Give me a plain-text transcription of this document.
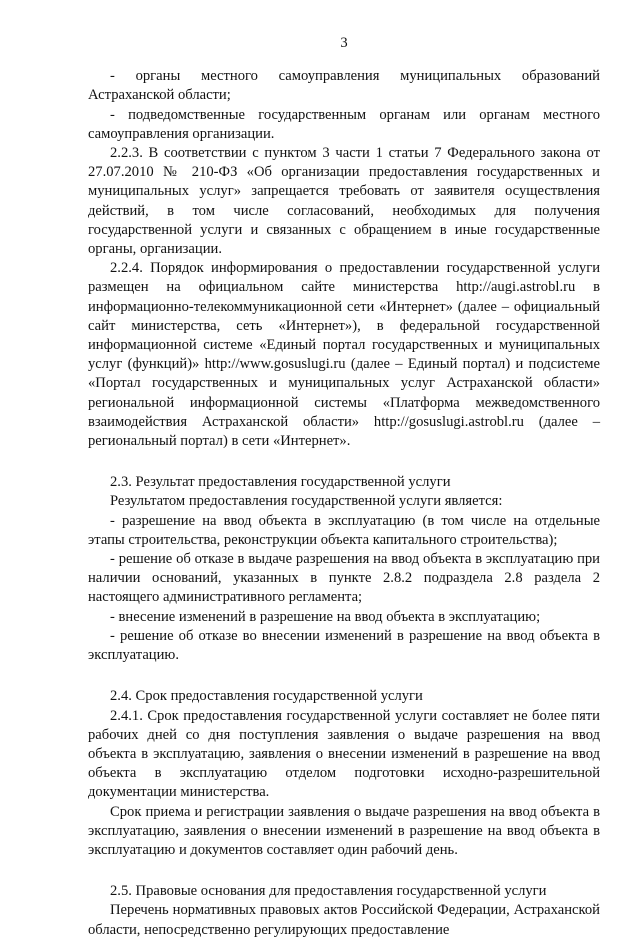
3

- органы местного самоуправления муниципальных образований Астраханской области;

- подведомственные государственным органам или органам местного самоуправления организации.

2.2.3. В соответствии с пунктом 3 части 1 статьи 7 Федерального закона от 27.07.2010 № 210-ФЗ «Об организации предоставления государственных и муниципальных услуг» запрещается требовать от заявителя осуществления действий, в том числе согласований, необходимых для получения государственной услуги и связанных с обращением в иные государственные органы, организации.

2.2.4. Порядок информирования о предоставлении государственной услуги размещен на официальном сайте министерства http://augi.astrobl.ru в информационно-телекоммуникационной сети «Интернет» (далее – официальный сайт министерства, сеть «Интернет»), в федеральной государственной информационной системе «Единый портал государственных и муниципальных услуг (функций)» http://www.gosuslugi.ru (далее – Единый портал) и подсистеме «Портал государственных и муниципальных услуг Астраханской области» региональной информационной системы «Платформа межведомственного взаимодействия Астраханской области» http://gosuslugi.astrobl.ru (далее – региональный портал) в сети «Интернет».

2.3. Результат предоставления государственной услуги

Результатом предоставления государственной услуги является:

- разрешение на ввод объекта в эксплуатацию (в том числе на отдельные этапы строительства, реконструкции объекта капитального строительства);

- решение об отказе в выдаче разрешения на ввод объекта в эксплуатацию при наличии оснований, указанных в пункте 2.8.2 подраздела 2.8 раздела 2 настоящего административного регламента;

- внесение изменений в разрешение на ввод объекта в эксплуатацию;

- решение об отказе во внесении изменений в разрешение на ввод объекта в эксплуатацию.

2.4. Срок предоставления государственной услуги

2.4.1. Срок предоставления государственной услуги составляет не более пяти рабочих дней со дня поступления заявления о выдаче разрешения на ввод объекта в эксплуатацию, заявления о внесении изменений в разрешение на ввод объекта в эксплуатацию отделом подготовки исходно-разрешительной документации министерства.

Срок приема и регистрации заявления о выдаче разрешения на ввод объекта в эксплуатацию, заявления о внесении изменений в разрешение на ввод объекта в эксплуатацию и документов составляет один рабочий день.

2.5. Правовые основания для предоставления государственной услуги

Перечень нормативных правовых актов Российской Федерации, Астраханской области, непосредственно регулирующих предоставление
